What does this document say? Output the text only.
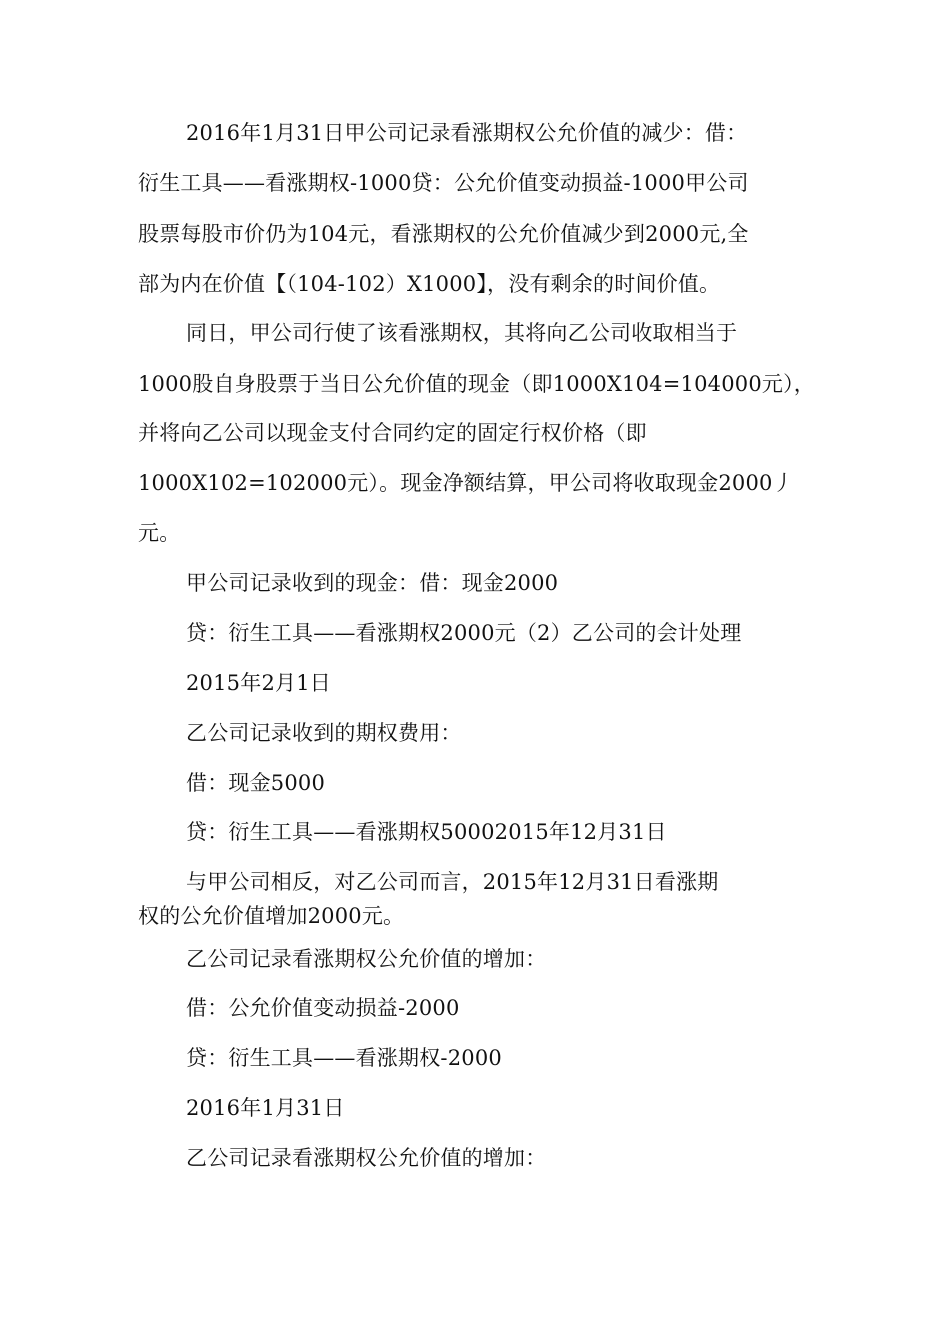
2016年1月31日甲公司记录看涨期权公允价值的减少：借：
衍生工具——看涨期权-1000贷：公允价值变动损益-1000甲公司
股票每股市价仍为104元，看涨期权的公允价值减少到2000元,全
部为内在价值【（104-102）X1000】，没有剩余的时间价值。
同日，甲公司行使了该看涨期权，其将向乙公司收取相当于
1000股自身股票于当日公允价值的现金（即1000X104=104000元），
并将向乙公司以现金支付合同约定的固定行权价格（即
1000X102=102000元）。现金净额结算，甲公司将收取现金2000丿
元。
甲公司记录收到的现金：借：现金2000
贷：衍生工具——看涨期权2000元（2）乙公司的会计处理
2015年2月1日
乙公司记录收到的期权费用：
借：现金5000
贷：衍生工具——看涨期权50002015年12月31日
与甲公司相反，对乙公司而言，2015年12月31日看涨期
权的公允价值增加2000元。
乙公司记录看涨期权公允价值的增加：
借：公允价值变动损益-2000
贷：衍生工具——看涨期权-2000
2016年1月31日
乙公司记录看涨期权公允价值的增加：
